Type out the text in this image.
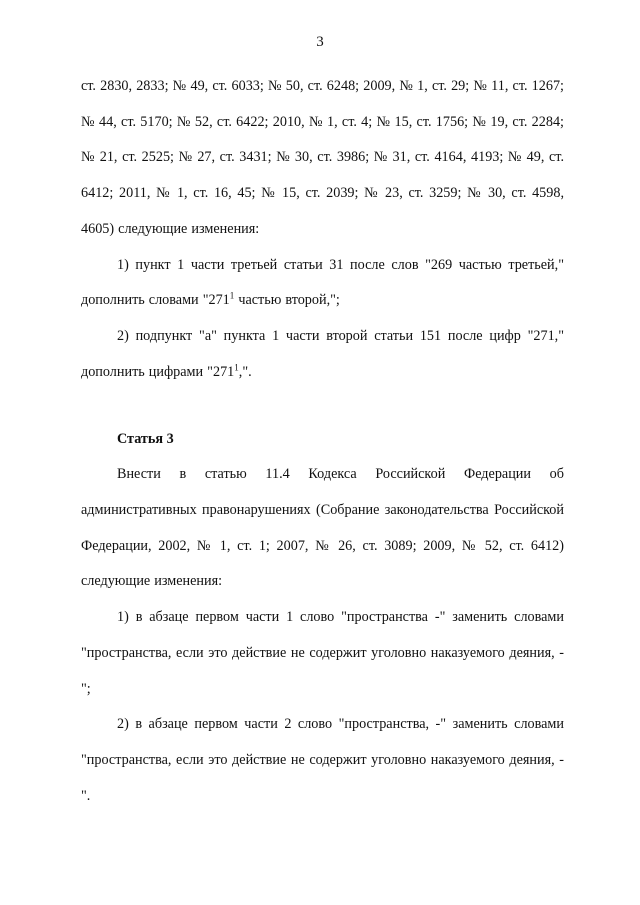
3

ст. 2830, 2833; № 49, ст. 6033; № 50, ст. 6248; 2009, № 1, ст. 29; № 11, ст. 1267; № 44, ст. 5170; № 52, ст. 6422; 2010, № 1, ст. 4; № 15, ст. 1756; № 19, ст. 2284; № 21, ст. 2525; № 27, ст. 3431; № 30, ст. 3986; № 31, ст. 4164, 4193; № 49, ст. 6412; 2011, № 1, ст. 16, 45; № 15, ст. 2039; № 23, ст. 3259; № 30, ст. 4598, 4605) следующие изменения:

1) пункт 1 части третьей статьи 31 после слов "269 частью третьей," дополнить словами "$271^1$ частью второй,";

2) подпункт "а" пункта 1 части второй статьи 151 после цифр "271," дополнить цифрами "$271^1$,".

Статья 3

Внести в статью 11.4 Кодекса Российской Федерации об административных правонарушениях (Собрание законодательства Российской Федерации, 2002, № 1, ст. 1; 2007, № 26, ст. 3089; 2009, № 52, ст. 6412) следующие изменения:

1) в абзаце первом части 1 слово "пространства -" заменить словами "пространства, если это действие не содержит уголовно наказуемого деяния, -";

2) в абзаце первом части 2 слово "пространства, -" заменить словами "пространства, если это действие не содержит уголовно наказуемого деяния, -".
